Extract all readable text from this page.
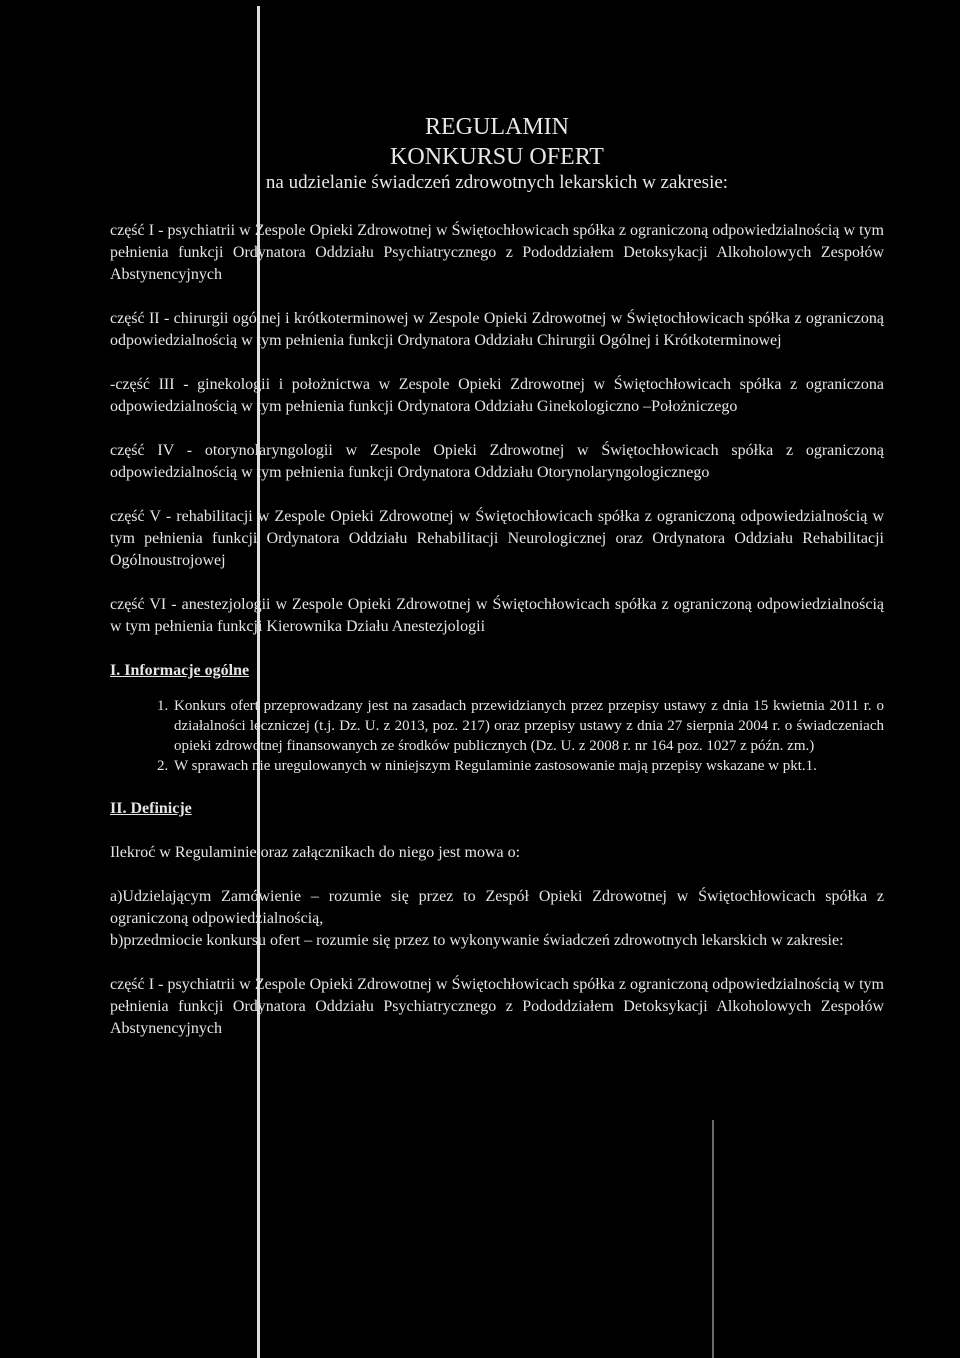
REGULAMIN

KONKURSU OFERT

na udzielanie świadczeń zdrowotnych lekarskich w zakresie:

część I - psychiatrii w Zespole Opieki Zdrowotnej w Świętochłowicach spółka z ograniczoną odpowiedzialnością w tym pełnienia funkcji Ordynatora Oddziału Psychiatrycznego z Pododdziałem Detoksykacji Alkoholowych Zespołów Abstynencyjnych

część II - chirurgii ogólnej i krótkoterminowej w Zespole Opieki Zdrowotnej w Świętochłowicach spółka z ograniczoną odpowiedzialnością w tym pełnienia funkcji Ordynatora Oddziału Chirurgii Ogólnej i Krótkoterminowej

-część III - ginekologii i położnictwa w Zespole Opieki Zdrowotnej w Świętochłowicach spółka z ograniczona odpowiedzialnością w tym pełnienia funkcji Ordynatora Oddziału Ginekologiczno –Położniczego

część IV - otorynolaryngologii w Zespole Opieki Zdrowotnej w Świętochłowicach spółka z ograniczoną odpowiedzialnością w tym pełnienia funkcji Ordynatora Oddziału Otorynolaryngologicznego

część V - rehabilitacji w Zespole Opieki Zdrowotnej w Świętochłowicach spółka z ograniczoną odpowiedzialnością w tym pełnienia funkcji Ordynatora Oddziału Rehabilitacji Neurologicznej oraz Ordynatora Oddziału Rehabilitacji Ogólnoustrojowej

część VI - anestezjologii w Zespole Opieki Zdrowotnej w Świętochłowicach spółka z ograniczoną odpowiedzialnością w tym pełnienia funkcji Kierownika Działu Anestezjologii

I. Informacje ogólne

1. Konkurs ofert przeprowadzany jest na zasadach przewidzianych przez przepisy ustawy z dnia 15 kwietnia 2011 r. o działalności leczniczej (t.j. Dz. U. z 2013, poz. 217) oraz przepisy ustawy z dnia 27 sierpnia 2004 r. o świadczeniach opieki zdrowotnej finansowanych ze środków publicznych (Dz. U. z 2008 r. nr 164 poz. 1027 z późn. zm.)
2. W sprawach nie uregulowanych w niniejszym Regulaminie zastosowanie mają przepisy wskazane w pkt.1.

II. Definicje

Ilekroć w Regulaminie oraz załącznikach do niego jest mowa o:

a)Udzielającym Zamówienie – rozumie się przez to Zespół Opieki Zdrowotnej w Świętochłowicach spółka z ograniczoną odpowiedzialnością,

b)przedmiocie konkursu ofert – rozumie się przez to wykonywanie świadczeń zdrowotnych lekarskich w zakresie:

część I - psychiatrii w Zespole Opieki Zdrowotnej w Świętochłowicach spółka z ograniczoną odpowiedzialnością w tym pełnienia funkcji Ordynatora Oddziału Psychiatrycznego z Pododdziałem Detoksykacji Alkoholowych Zespołów Abstynencyjnych
